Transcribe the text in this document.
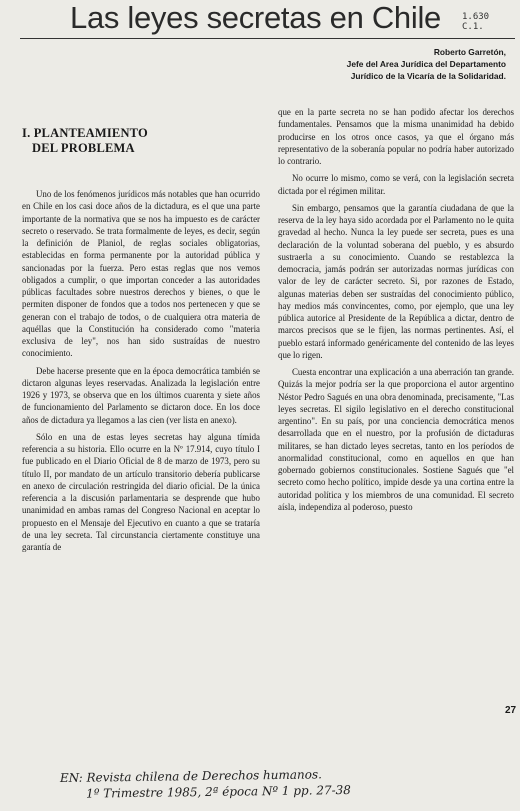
Las leyes secretas en Chile 1.630
C.1.
Roberto Garretón,
Jefe del Area Jurídica del Departamento
Jurídico de la Vicaría de la Solidaridad.
I. PLANTEAMIENTO
DEL PROBLEMA

Uno de los fenómenos jurídicos más notables que han ocurrido en Chile en los casi doce años de la dictadura, es el que una parte importante de la normativa que se nos ha impuesto es de carácter secreto o reservado. Se trata formalmente de leyes, es decir, según la definición de Planiol, de reglas sociales obligatorias, establecidas en forma permanente por la autoridad pública y sancionadas por la fuerza. Pero estas reglas que nos vemos obligados a cumplir, o que importan conceder a las autoridades públicas facultades sobre nuestros derechos y bienes, o que le permiten disponer de fondos que a todos nos pertenecen y que se generan con el trabajo de todos, o de cualquiera otra materia de aquéllas que la Constitución ha considerado como "materia exclusiva de ley", nos han sido sustraídas de nuestro conocimiento.

Debe hacerse presente que en la época democrática también se dictaron algunas leyes reservadas. Analizada la legislación entre 1926 y 1973, se observa que en los últimos cuarenta y siete años de funcionamiento del Parlamento se dictaron doce. En los doce años de dictadura ya llegamos a las cien (ver lista en anexo).

Sólo en una de estas leyes secretas hay alguna tímida referencia a su historia. Ello ocurre en la Nº 17.914, cuyo título I fue publicado en el Diario Oficial de 8 de marzo de 1973, pero su título II, por mandato de un artículo transitorio debería publicarse en anexo de circulación restringida del diario oficial. De la única referencia a la discusión parlamentaria se desprende que hubo unanimidad en ambas ramas del Congreso Nacional en aceptar lo propuesto en el Mensaje del Ejecutivo en cuanto a que se trataría de una ley secreta. Tal circunstancia ciertamente constituye una garantía de

que en la parte secreta no se han podido afectar los derechos fundamentales. Pensamos que la misma unanimidad ha debido producirse en los otros once casos, ya que el órgano más representativo de la soberanía popular no podría haber autorizado lo contrario.

No ocurre lo mismo, como se verá, con la legislación secreta dictada por el régimen militar.

Sin embargo, pensamos que la garantía ciudadana de que la reserva de la ley haya sido acordada por el Parlamento no le quita gravedad al hecho. Nunca la ley puede ser secreta, pues es una declaración de la voluntad soberana del pueblo, y es absurdo sustraerla a su conocimiento. Cuando se restablezca la democracia, jamás podrán ser autorizadas normas jurídicas con valor de ley de carácter secreto. Si, por razones de Estado, algunas materias deben ser sustraídas del conocimiento público, hay medios más convincentes, como, por ejemplo, que una ley pública autorice al Presidente de la República a dictar, dentro de marcos precisos que se le fijen, las normas pertinentes. Así, el pueblo estará informado genéricamente del contenido de las leyes que lo rigen.

Cuesta encontrar una explicación a una aberración tan grande. Quizás la mejor podría ser la que proporciona el autor argentino Néstor Pedro Sagués en una obra denominada, precisamente, "Las leyes secretas. El sigilo legislativo en el derecho constitucional argentino". En su país, por una conciencia democrática menos desarrollada que en el nuestro, por la profusión de dictaduras militares, se han dictado leyes secretas, tanto en los períodos de anormalidad constitucional, como en aquellos en que han gobernado gobiernos constitucionales. Sostiene Sagués que "el secreto como hecho político, impide desde ya una cortina entre la autoridad política y los miembros de una comunidad. El secreto aísla, independiza al poderoso, puesto

27
EN: Revista chilena de Derechos humanos.
1º Trimestre 1985, 2ª época Nº 1 pp. 27-38
